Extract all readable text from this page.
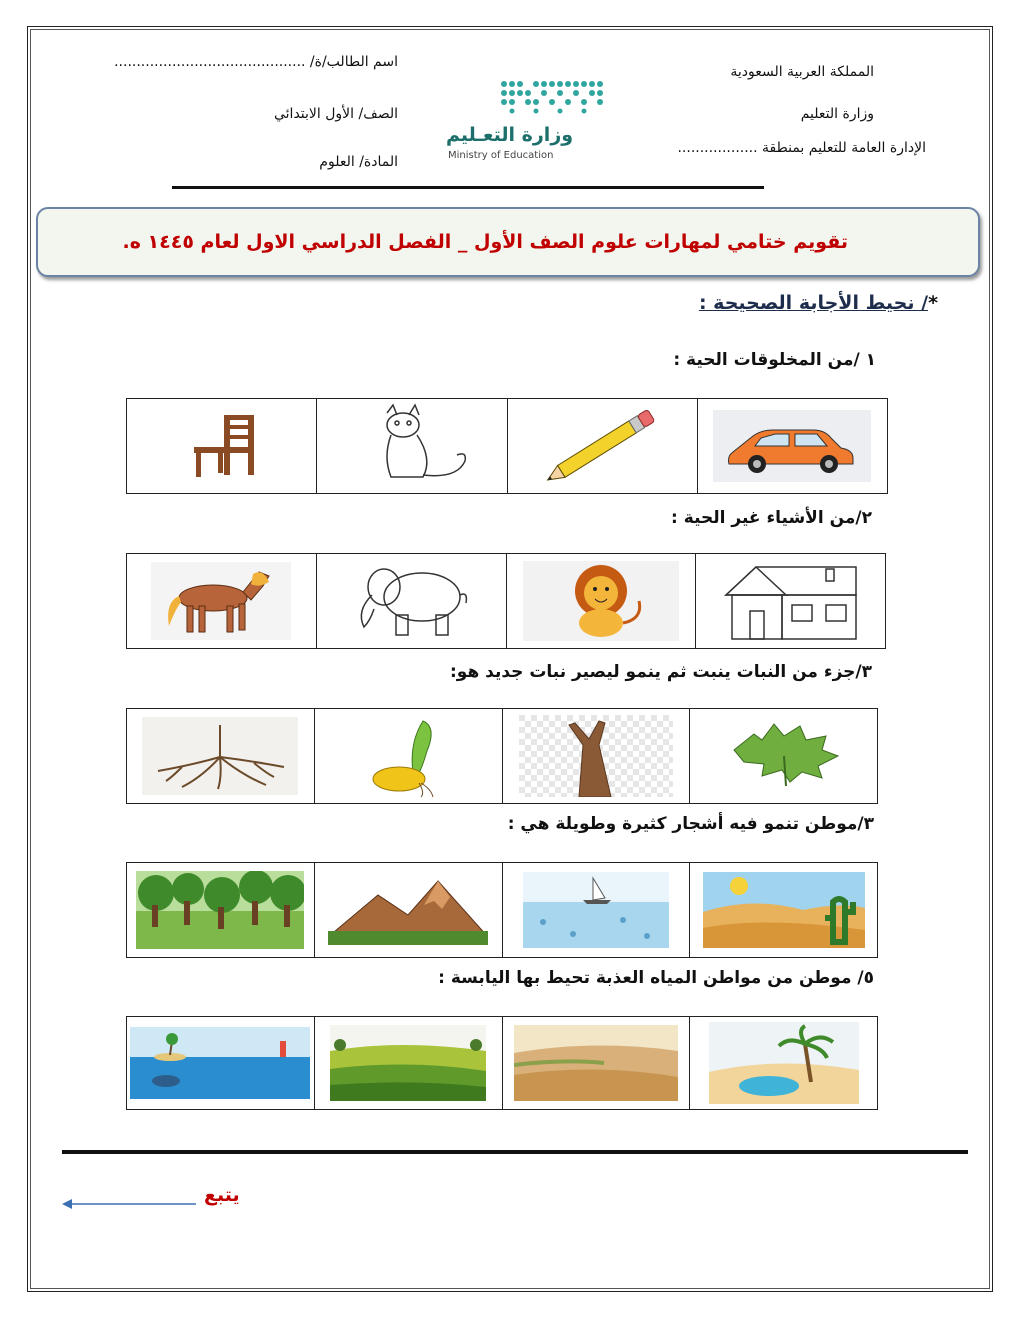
اسم الطالب/ة/ ...........................................
الصف/ الأول الابتدائي
المادة/ العلوم
المملكة العربية السعودية
وزارة التعليم
الإدارة العامة للتعليم بمنطقة ..................
وزارة التعـليم
Ministry of Education
تقويم ختامي لمهارات علوم الصف الأول _ الفصل الدراسي الاول لعام ١٤٤٥ ه.
*/ نحيط الأجابة الصحيحة :
١ /من المخلوقات الحية :

٢/من الأشياء غير الحية :

٣/جزء من النبات ينبت ثم ينمو ليصير نبات جديد هو:

٣/موطن تنمو فيه أشجار كثيرة وطويلة هي :

٥/ موطن من مواطن المياه العذبة تحيط بها اليابسة :

يتبع
